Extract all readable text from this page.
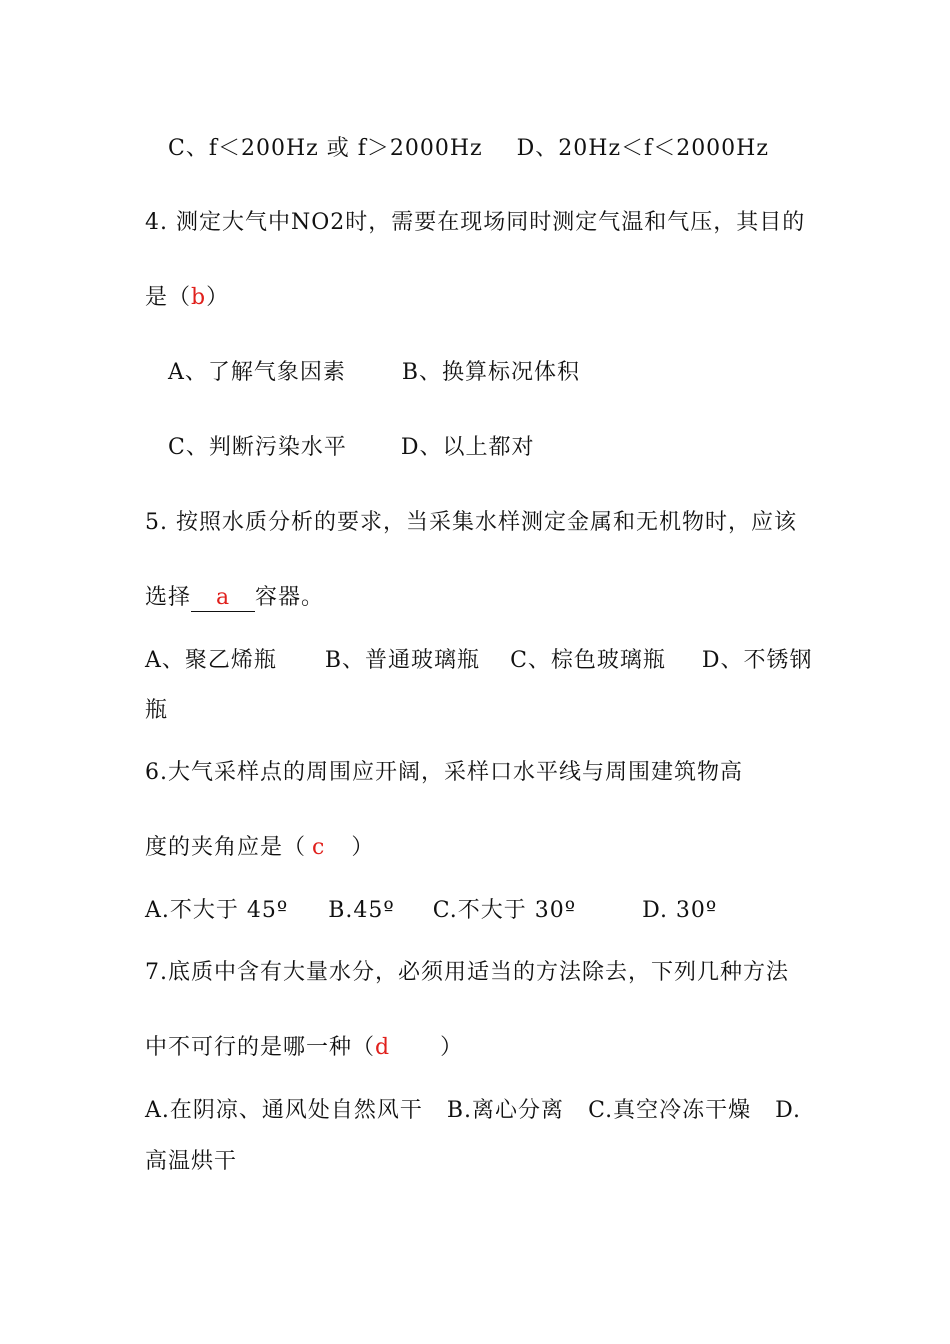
C、f＜200Hz 或 f＞2000Hz D、20Hz＜f＜2000Hz
4. 测定大气中NO2时，需要在现场同时测定气温和气压，其目的
是（b）
A、了解气象因素	B、换算标况体积
C、判断污染水平 D、以上都对
5. 按照水质分析的要求，当采集水样测定金属和无机物时，应该
选择 a 容器。
A、聚乙烯瓶 B、普通玻璃瓶 C、棕色玻璃瓶 D、不锈钢
瓶
6.大气采样点的周围应开阔，采样口水平线与周围建筑物高
度的夹角应是（ c ）
A.不大于 45º B.45º C.不大于 30º	D. 30º
7.底质中含有大量水分，必须用适当的方法除去，下列几种方法
中不可行的是哪一种（d ）
A.在阴凉、通风处自然风干 B.离心分离 C.真空冷冻干燥 D.
高温烘干
